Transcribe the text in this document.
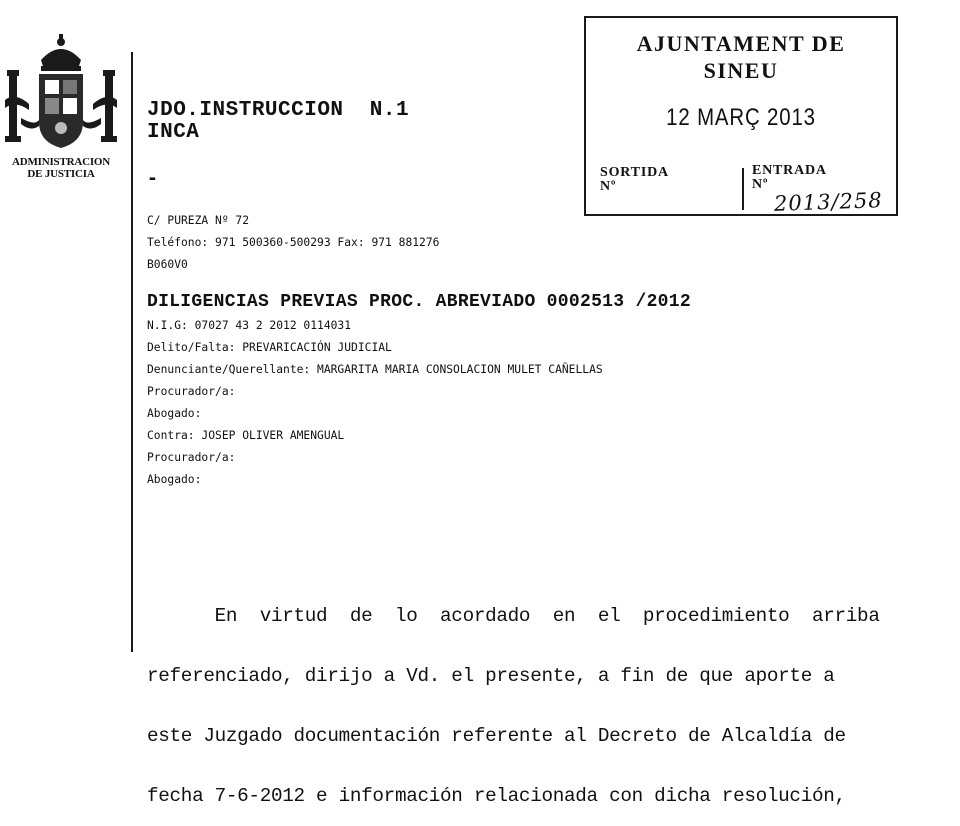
ADMINISTRACION
DE JUSTICIA
JDO.INSTRUCCION  N.1
INCA
-
C/ PUREZA Nº 72
Teléfono: 971 500360-500293 Fax: 971 881276
B060V0
AJUNTAMENT DE
SINEU
12 MARÇ 2013
SORTIDA
Nº
ENTRADA
Nº
2013/258
DILIGENCIAS PREVIAS PROC. ABREVIADO 0002513 /2012
N.I.G: 07027 43 2 2012 0114031
Delito/Falta: PREVARICACIÓN JUDICIAL
Denunciante/Querellante: MARGARITA MARIA CONSOLACION MULET CAÑELLAS
Procurador/a:
Abogado:
Contra: JOSEP OLIVER AMENGUAL
Procurador/a:
Abogado:

En  virtud  de  lo  acordado  en  el  procedimiento  arriba

referenciado, dirijo a Vd. el presente, a fin de que aporte a

este Juzgado documentación referente al Decreto de Alcaldía de

fecha 7-6-2012 e información relacionada con dicha resolución,
